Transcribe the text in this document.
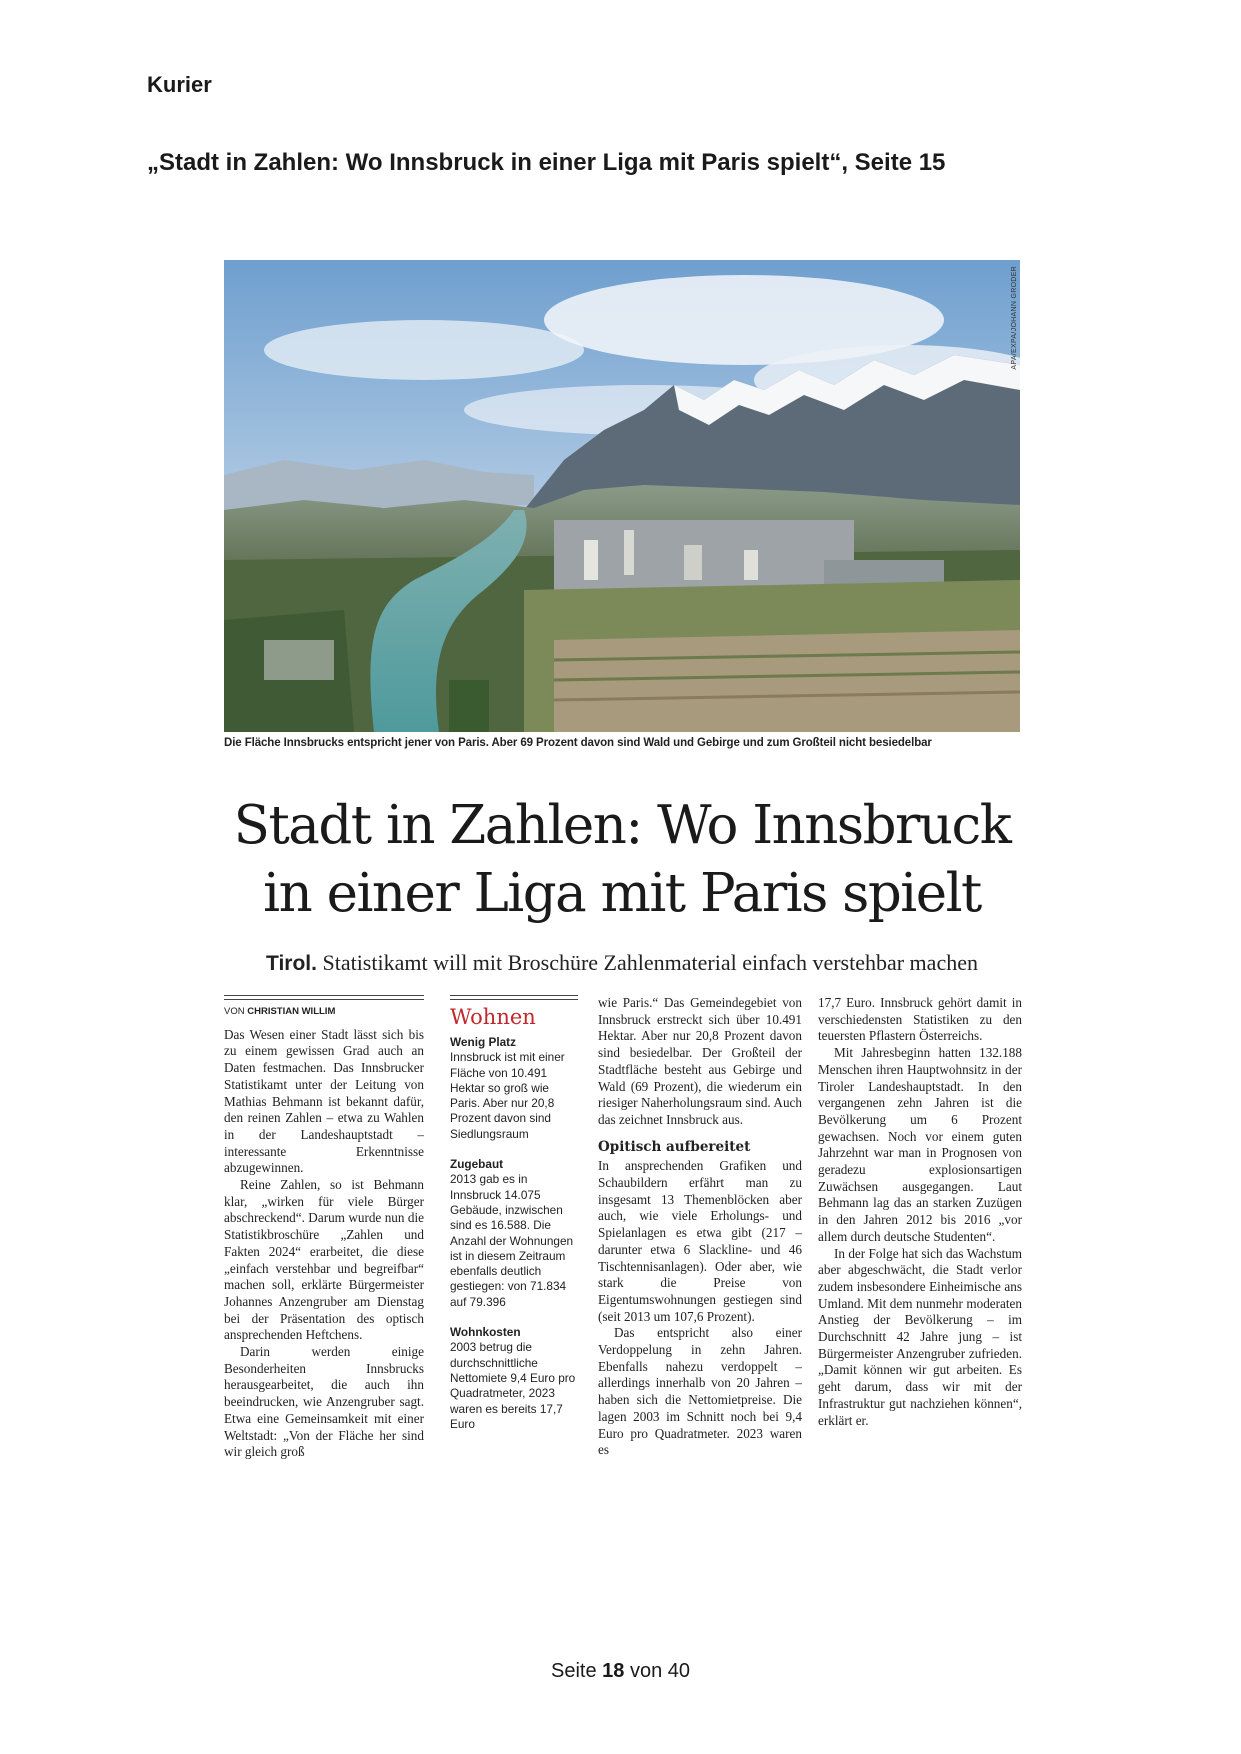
Kurier
„Stadt in Zahlen: Wo Innsbruck in einer Liga mit Paris spielt“, Seite 15
APA/EXPA/JOHANN GRODER
Die Fläche Innsbrucks entspricht jener von Paris. Aber 69 Prozent davon sind Wald und Gebirge und zum Großteil nicht besiedelbar
Stadt in Zahlen: Wo Innsbruck
in einer Liga mit Paris spielt
Tirol. Statistikamt will mit Broschüre Zahlenmaterial einfach verstehbar machen
VON CHRISTIAN WILLIM

Das Wesen einer Stadt lässt sich bis zu einem gewissen Grad auch an Daten festmachen. Das Innsbrucker Statistikamt unter der Leitung von Mathias Behmann ist bekannt dafür, den reinen Zahlen – etwa zu Wahlen in der Landeshauptstadt – interessante Erkenntnisse abzugewinnen.

Reine Zahlen, so ist Behmann klar, „wirken für viele Bürger abschreckend“. Darum wurde nun die Statistikbroschüre „Zahlen und Fakten 2024“ erarbeitet, die diese „einfach verstehbar und begreifbar“ machen soll, erklärte Bürgermeister Johannes Anzengruber am Dienstag bei der Präsentation des optisch ansprechenden Heftchens.

Darin werden einige Besonderheiten Innsbrucks herausgearbeitet, die auch ihn beeindrucken, wie Anzengruber sagt. Etwa eine Gemeinsamkeit mit einer Weltstadt: „Von der Fläche her sind wir gleich groß

Wohnen
Wenig Platz
Innsbruck ist mit einer Fläche von 10.491 Hektar so groß wie Paris. Aber nur 20,8 Prozent davon sind Siedlungsraum
Zugebaut
2013 gab es in Innsbruck 14.075 Gebäude, inzwischen sind es 16.588. Die Anzahl der Wohnungen ist in diesem Zeitraum ebenfalls deutlich gestiegen: von 71.834 auf 79.396
Wohnkosten
2003 betrug die durchschnittliche Nettomiete 9,4 Euro pro Quadratmeter, 2023 waren es bereits 17,7 Euro

wie Paris.“ Das Gemeindegebiet von Innsbruck erstreckt sich über 10.491 Hektar. Aber nur 20,8 Prozent davon sind besiedelbar. Der Großteil der Stadtfläche besteht aus Gebirge und Wald (69 Prozent), die wiederum ein riesiger Naherholungsraum sind. Auch das zeichnet Innsbruck aus.

Opitisch aufbereitet

In ansprechenden Grafiken und Schaubildern erfährt man zu insgesamt 13 Themenblöcken aber auch, wie viele Erholungs- und Spielanlagen es etwa gibt (217 – darunter etwa 6 Slackline- und 46 Tischtennisanlagen). Oder aber, wie stark die Preise von Eigentumswohnungen gestiegen sind (seit 2013 um 107,6 Prozent).

Das entspricht also einer Verdoppelung in zehn Jahren. Ebenfalls nahezu verdoppelt – allerdings innerhalb von 20 Jahren – haben sich die Nettomietpreise. Die lagen 2003 im Schnitt noch bei 9,4 Euro pro Quadratmeter. 2023 waren es

17,7 Euro. Innsbruck gehört damit in verschiedensten Statistiken zu den teuersten Pflastern Österreichs.

Mit Jahresbeginn hatten 132.188 Menschen ihren Hauptwohnsitz in der Tiroler Landeshauptstadt. In den vergangenen zehn Jahren ist die Bevölkerung um 6 Prozent gewachsen. Noch vor einem guten Jahrzehnt war man in Prognosen von geradezu explosionsartigen Zuwächsen ausgegangen. Laut Behmann lag das an starken Zuzügen in den Jahren 2012 bis 2016 „vor allem durch deutsche Studenten“.

In der Folge hat sich das Wachstum aber abgeschwächt, die Stadt verlor zudem insbesondere Einheimische ans Umland. Mit dem nunmehr moderaten Anstieg der Bevölkerung – im Durchschnitt 42 Jahre jung – ist Bürgermeister Anzengruber zufrieden. „Damit können wir gut arbeiten. Es geht darum, dass wir mit der Infrastruktur gut nachziehen können“, erklärt er.

Seite 18 von 40
